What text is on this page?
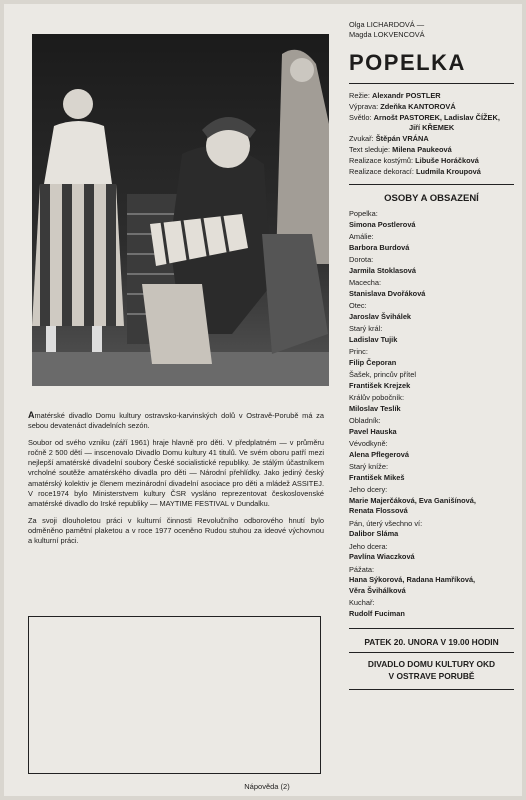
Amatérské divadlo Domu kultury ostravsko-karvinských dolů v Ostravě-Porubě má za sebou devatenáct divadelních sezón.

Soubor od svého vzniku (září 1961) hraje hlavně pro děti. V předplatném — v průměru ročně 2 500 dětí — inscenovalo Divadlo Domu kultury 41 titulů. Ve svém oboru patří mezi nejlepší amatérské divadelní soubory České socialistické republiky. Je stálým účastníkem vrcholné soutěže amatérského divadla pro děti — Národní přehlídky. Jako jediný český amatérský kolektiv je členem mezinárodní divadelní asociace pro děti a mládež ASSITEJ. V roce1974 bylo Ministerstvem kultury ČSR vysláno reprezentovat československé amatérské divadlo do Irské republiky — MAYTIME FESTIVAL v Dundalku.

Za svoji dlouholetou práci v kulturní činnosti Revolučního odborového hnutí bylo odměněno pamětní plaketou a v roce 1977 oceněno Rudou stuhou za ideové výchovnou a kulturní práci.

Olga LICHARDOVÁ —
Magda LOKVENCOVÁ
POPELKA
Režie: Alexandr POSTLER
Výprava: Zdeňka KANTOROVÁ
Světlo: Arnošt PASTOREK, Ladislav ČÍŽEK,
Jiří KŘEMEK
Zvukař: Štěpán VRÁNA
Text sleduje: Milena Paukeová
Realizace kostýmů: Libuše Horáčková
Realizace dekorací: Ludmila Kroupová
OSOBY A OBSAZENÍ
Popelka:
Simona Postlerová
Amálie:
Barbora Burdová
Dorota:
Jarmila Stoklasová
Macecha:
Stanislava Dvořáková
Otec:
Jaroslav Švihálek
Starý král:
Ladislav Tujik
Princ:
Filip Čeporan
Šašek, princův přítel
František Krejzek
Králův pobočník:
Miloslav Teslík
Obladník:
Pavel Hauska
Vévodkyně:
Alena Pflegerová
Starý kníže:
František Mikeš
Jeho dcery:
Marie Majerčáková, Eva Ganišínová,
Renata Flossová
Pán, úterý všechno ví:
Dalibor Sláma
Jeho dcera:
Pavlína Wiaczková
Pážata:
Hana Sýkorová, Radana Hamříková,
Věra Švihálková
Kuchař:
Rudolf Fuciman
PATEK 20. UNORA V 19.00 HODIN
DIVADLO DOMU KULTURY OKD
V OSTRAVE PORUBĚ
Nápověda (2)
